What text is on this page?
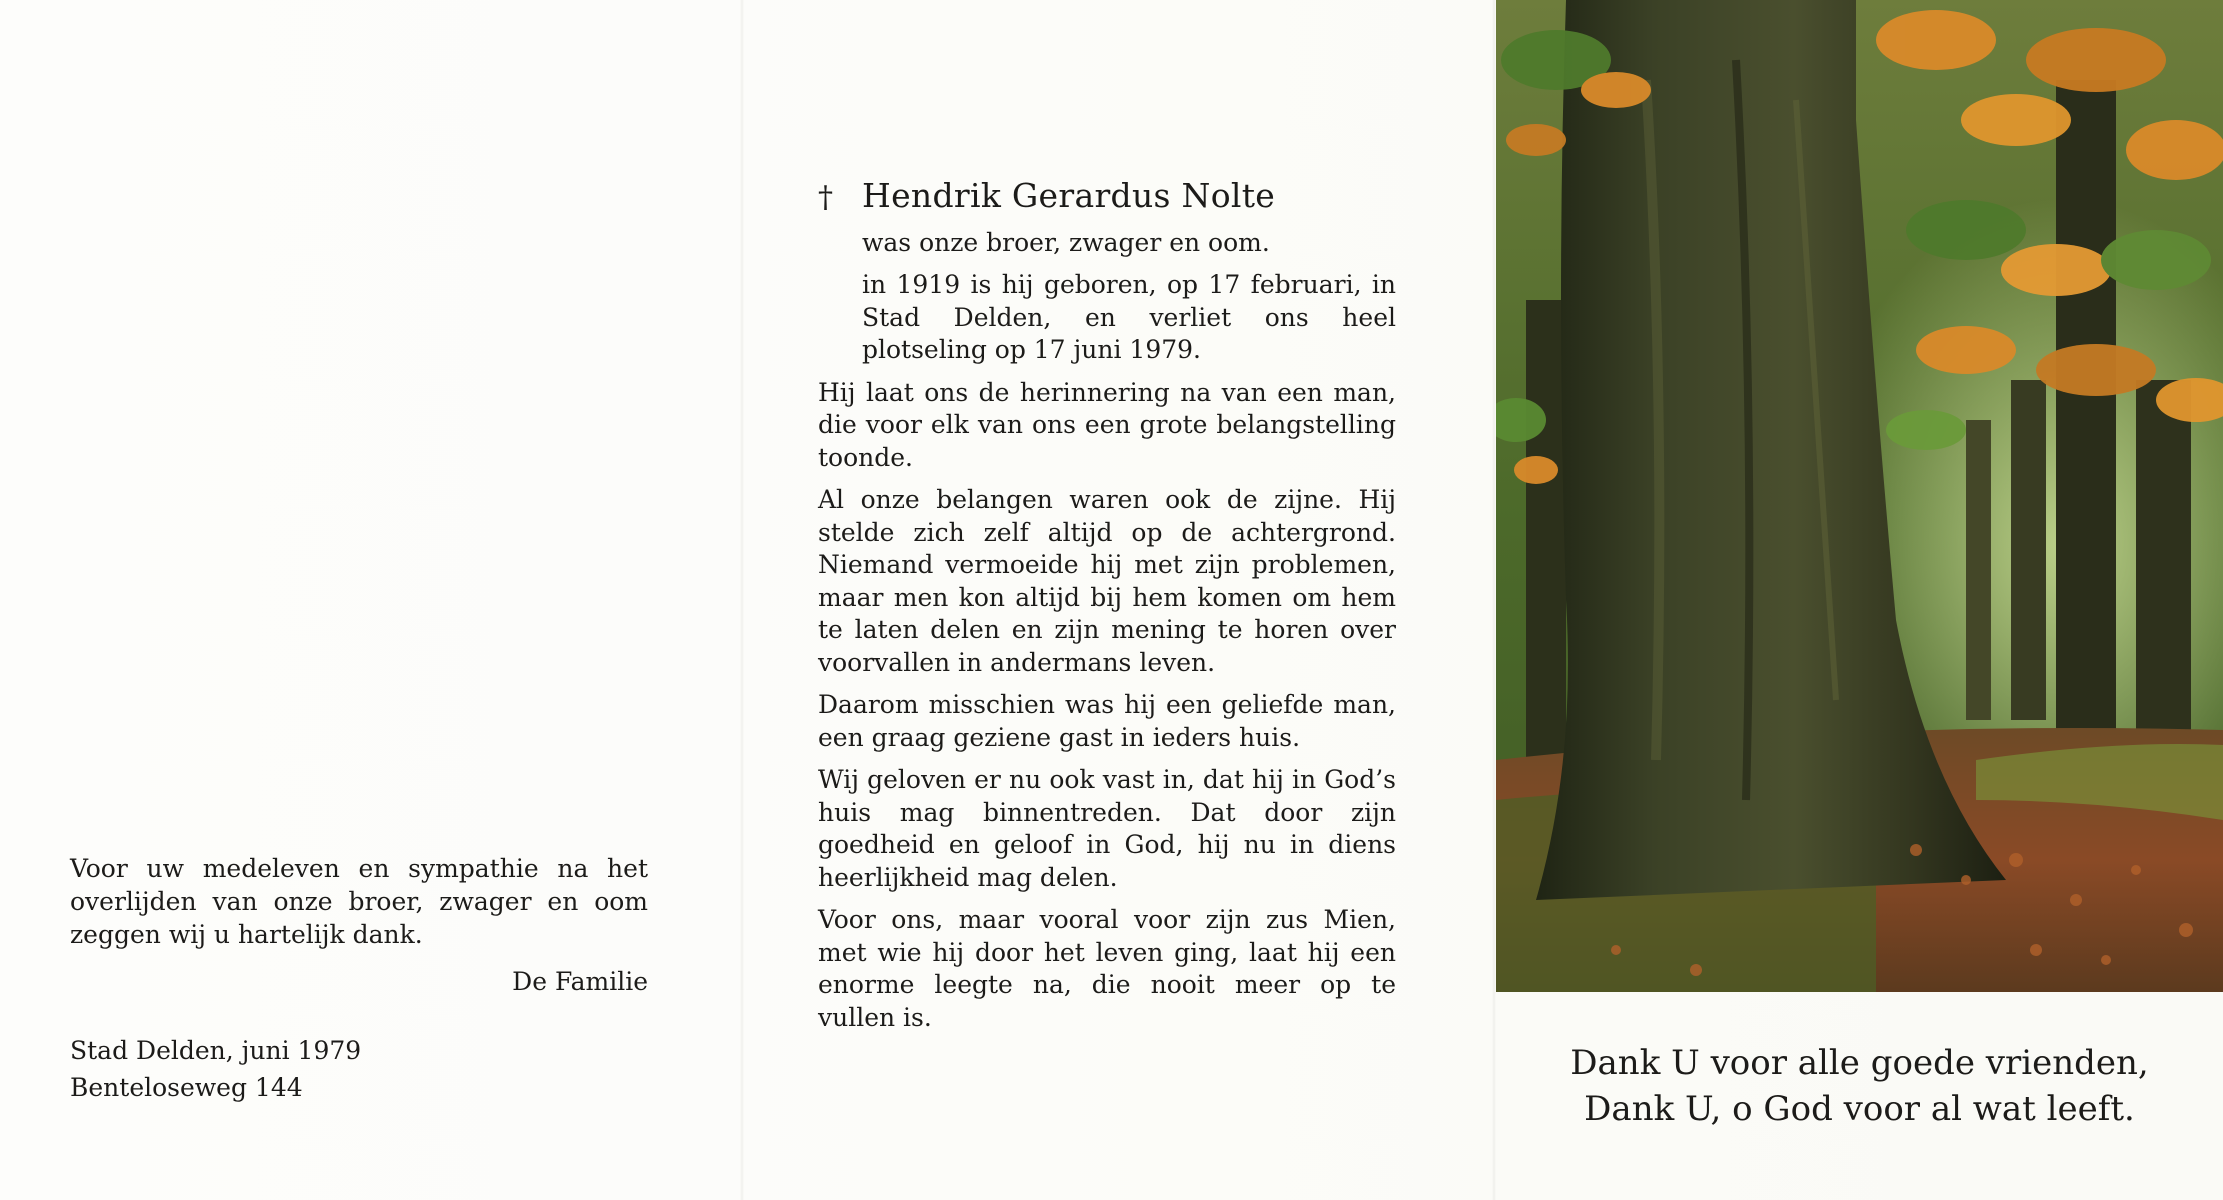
Voor uw medeleven en sympathie na het overlijden van onze broer, zwager en oom zeggen wij u hartelijk dank.

De Familie

Stad Delden, juni 1979

Benteloseweg 144

† Hendrik Gerardus Nolte

was onze broer, zwager en oom.

in 1919 is hij geboren, op 17 februari, in Stad Delden, en verliet ons heel plotseling op 17 juni 1979.

Hij laat ons de herinnering na van een man, die voor elk van ons een grote belangstelling toonde.

Al onze belangen waren ook de zijne. Hij stelde zich zelf altijd op de achtergrond. Niemand vermoeide hij met zijn problemen, maar men kon altijd bij hem komen om hem te laten delen en zijn mening te horen over voorvallen in andermans leven.

Daarom misschien was hij een geliefde man, een graag geziene gast in ieders huis.

Wij geloven er nu ook vast in, dat hij in God’s huis mag binnentreden. Dat door zijn goedheid en geloof in God, hij nu in diens heerlijkheid mag delen.

Voor ons, maar vooral voor zijn zus Mien, met wie hij door het leven ging, laat hij een enorme leegte na, die nooit meer op te vullen is.

Dank U voor alle goede vrienden,
Dank U, o God voor al wat leeft.
